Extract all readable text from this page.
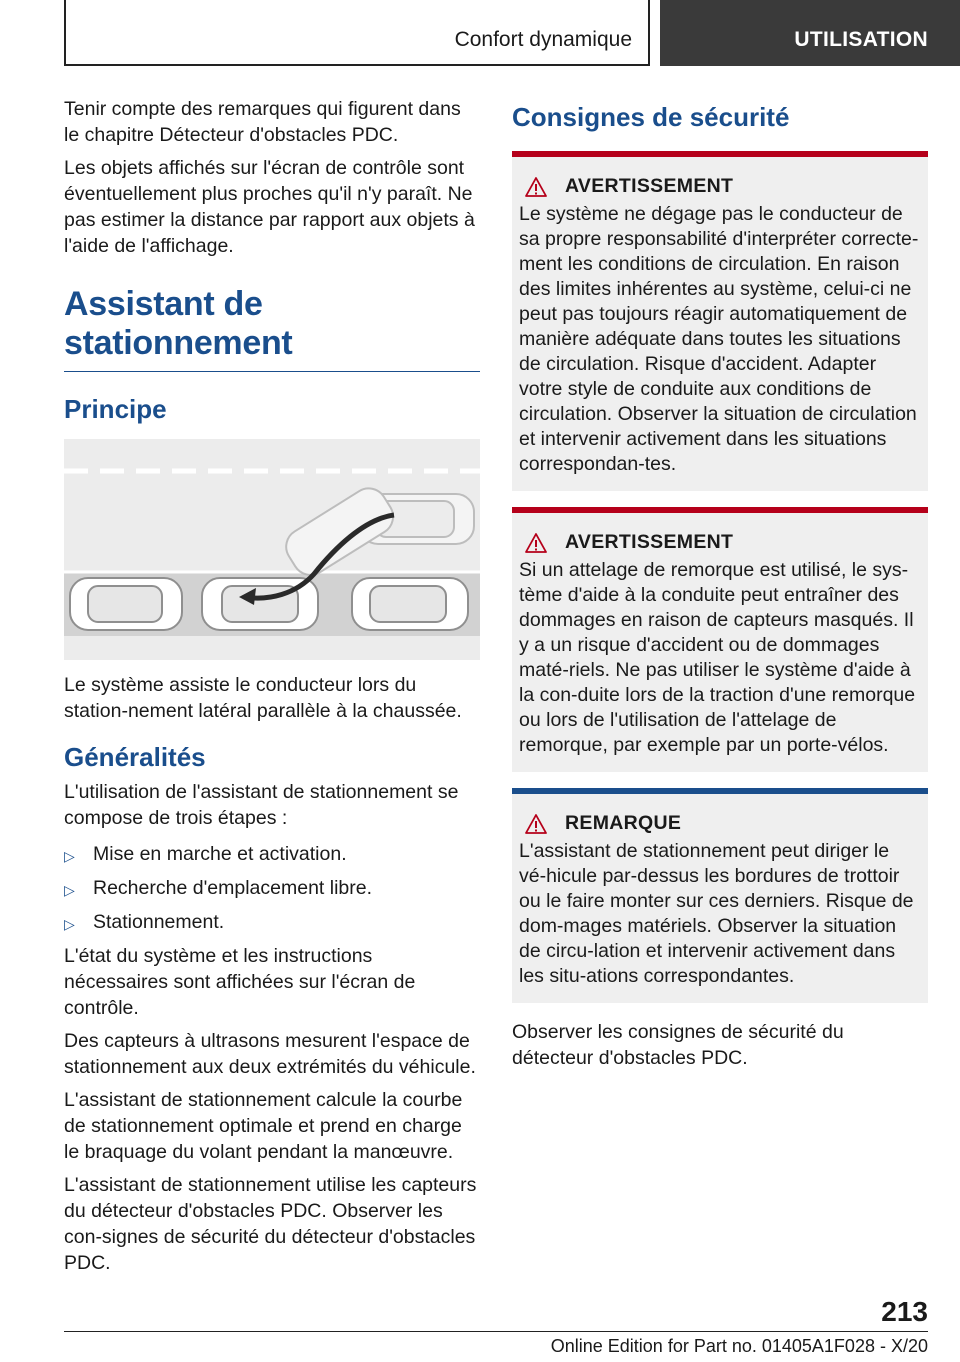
Confort dynamique	UTILISATION

Tenir compte des remarques qui figurent dans le chapitre Détecteur d'obstacles PDC.

Les objets affichés sur l'écran de contrôle sont éventuellement plus proches qu'il n'y paraît. Ne pas estimer la distance par rapport aux objets à l'aide de l'affichage.

Assistant de stationnement
Principe

Le système assiste le conducteur lors du station‐nement latéral parallèle à la chaussée.

Généralités

L'utilisation de l'assistant de stationnement se compose de trois étapes :

▷ Mise en marche et activation.
▷ Recherche d'emplacement libre.
▷ Stationnement.

L'état du système et les instructions nécessaires sont affichées sur l'écran de contrôle.

Des capteurs à ultrasons mesurent l'espace de stationnement aux deux extrémités du véhicule.

L'assistant de stationnement calcule la courbe de stationnement optimale et prend en charge le braquage du volant pendant la manœuvre.

L'assistant de stationnement utilise les capteurs du détecteur d'obstacles PDC. Observer les con‐signes de sécurité du détecteur d'obstacles PDC.

Consignes de sécurité
AVERTISSEMENT

Le système ne dégage pas le conducteur de sa propre responsabilité d'interpréter correcte‐ment les conditions de circulation. En raison des limites inhérentes au système, celui-ci ne peut pas toujours réagir automatiquement de manière adéquate dans toutes les situations de circulation. Risque d'accident. Adapter votre style de conduite aux conditions de circulation. Observer la situation de circulation et intervenir activement dans les situations correspondan‐tes.

AVERTISSEMENT

Si un attelage de remorque est utilisé, le sys‐tème d'aide à la conduite peut entraîner des dommages en raison de capteurs masqués. Il y a un risque d'accident ou de dommages maté‐riels. Ne pas utiliser le système d'aide à la con‐duite lors de la traction d'une remorque ou lors de l'utilisation de l'attelage de remorque, par exemple par un porte-vélos.

REMARQUE

L'assistant de stationnement peut diriger le vé‐hicule par-dessus les bordures de trottoir ou le faire monter sur ces derniers. Risque de dom‐mages matériels. Observer la situation de circu‐lation et intervenir activement dans les situ‐ations correspondantes.

Observer les consignes de sécurité du détecteur d'obstacles PDC.

213
Online Edition for Part no. 01405A1F028 - X/20
